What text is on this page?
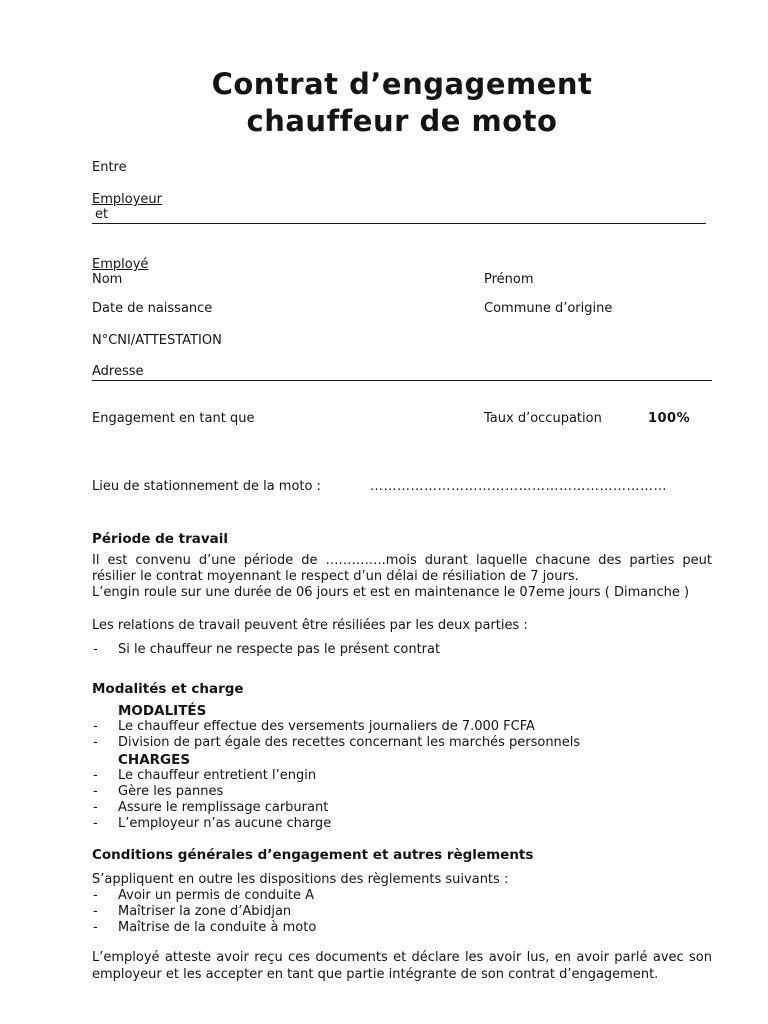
Contrat d’engagement
chauffeur de moto
Entre
Employeur
et
Employé
Nom	Prénom
Date de naissance	Commune d’origine
N°CNI/ATTESTATION
Adresse
Engagement en tant que	Taux d’occupation	100%
Lieu de stationnement de la moto :	…………………………………………………………
Période de travail
Il est convenu d’une période de …………..mois durant laquelle chacune des parties peut résilier le contrat moyennant le respect d’un délai de résiliation de 7 jours.
L’engin roule sur une durée de 06 jours et est en maintenance le 07eme jours ( Dimanche )
Les relations de travail peuvent être résiliées par les deux parties :
-	Si le chauffeur ne respecte pas le présent contrat
Modalités et charge
MODALITÉS
-	Le chauffeur effectue des versements journaliers de 7.000 FCFA
-	Division de part égale des recettes concernant les marchés personnels
CHARGES
-	Le chauffeur entretient l’engin
-	Gère les pannes
-	Assure le remplissage carburant
-	L’employeur n’as aucune charge
Conditions générales d’engagement et autres règlements
S’appliquent en outre les dispositions des règlements suivants :
-	Avoir un permis de conduite A
-	Maîtriser la zone d’Abidjan
-	Maîtrise de la conduite à moto
L’employé atteste avoir reçu ces documents et déclare les avoir lus, en avoir parlé avec son employeur et les accepter en tant que partie intégrante de son contrat d’engagement.
